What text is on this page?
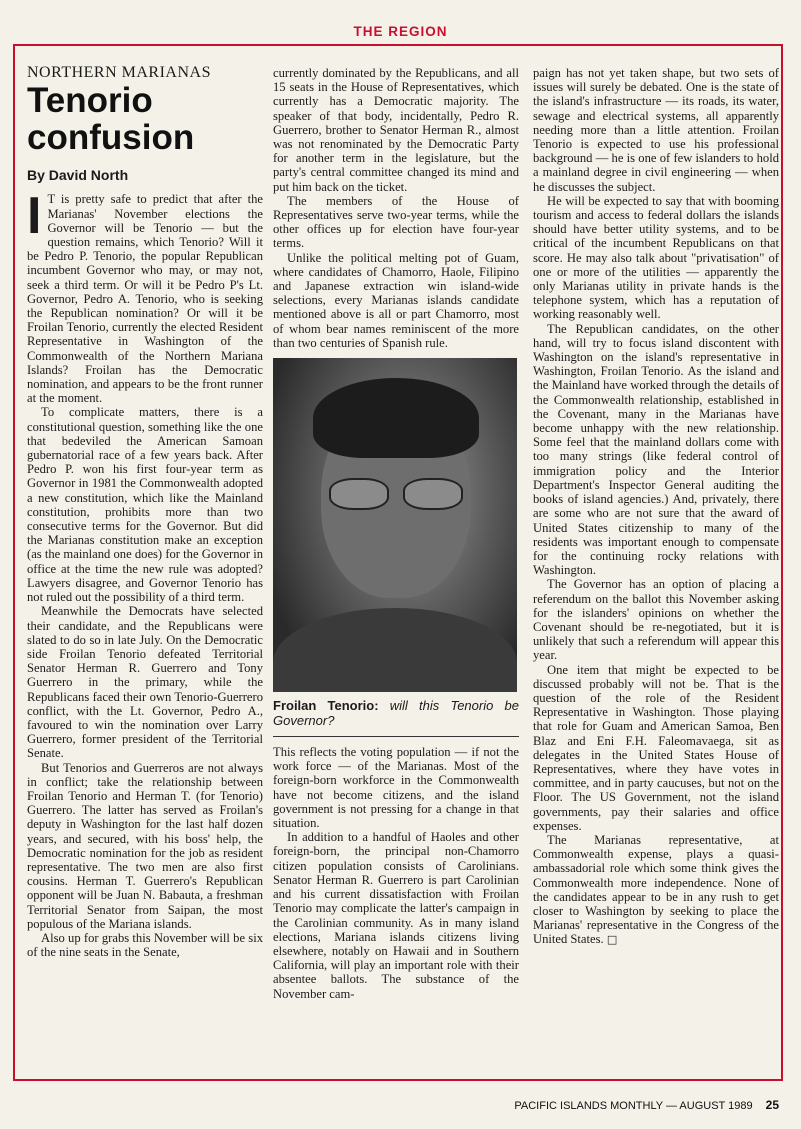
THE REGION
NORTHERN MARIANAS
Tenorio confusion
By David North

I T is pretty safe to predict that after the Marianas' November elections the Governor will be Tenorio — but the question remains, which Tenorio? Will it be Pedro P. Tenorio, the popular Republican incumbent Governor who may, or may not, seek a third term. Or will it be Pedro P's Lt. Governor, Pedro A. Tenorio, who is seeking the Republican nomination? Or will it be Froilan Tenorio, currently the elected Resident Representative in Washington of the Commonwealth of the Northern Mariana Islands? Froilan has the Democratic nomination, and appears to be the front runner at the moment.

To complicate matters, there is a constitutional question, something like the one that bedeviled the American Samoan gubernatorial race of a few years back. After Pedro P. won his first four-year term as Governor in 1981 the Commonwealth adopted a new constitution, which like the Mainland constitution, prohibits more than two consecutive terms for the Governor. But did the Marianas constitution make an exception (as the mainland one does) for the Governor in office at the time the new rule was adopted? Lawyers disagree, and Governor Tenorio has not ruled out the possibility of a third term.

Meanwhile the Democrats have selected their candidate, and the Republicans were slated to do so in late July. On the Democratic side Froilan Tenorio defeated Territorial Senator Herman R. Guerrero and Tony Guerrero in the primary, while the Republicans faced their own Tenorio-Guerrero conflict, with the Lt. Governor, Pedro A., favoured to win the nomination over Larry Guerrero, former president of the Territorial Senate.

But Tenorios and Guerreros are not always in conflict; take the relationship between Froilan Tenorio and Herman T. (for Tenorio) Guerrero. The latter has served as Froilan's deputy in Washington for the last half dozen years, and secured, with his boss' help, the Democratic nomination for the job as resident representative. The two men are also first cousins. Herman T. Guerrero's Republican opponent will be Juan N. Babauta, a freshman Territorial Senator from Saipan, the most populous of the Mariana islands.

Also up for grabs this November will be six of the nine seats in the Senate,

currently dominated by the Republicans, and all 15 seats in the House of Representatives, which currently has a Democratic majority. The speaker of that body, incidentally, Pedro R. Guerrero, brother to Senator Herman R., almost was not renominated by the Democratic Party for another term in the legislature, but the party's central committee changed its mind and put him back on the ticket.

The members of the House of Representatives serve two-year terms, while the other offices up for election have four-year terms.

Unlike the political melting pot of Guam, where candidates of Chamorro, Haole, Filipino and Japanese extraction win island-wide selections, every Marianas islands candidate mentioned above is all or part Chamorro, most of whom bear names reminiscent of the more than two centuries of Spanish rule.

Froilan Tenorio: will this Tenorio be Governor?

This reflects the voting population — if not the work force — of the Marianas. Most of the foreign-born workforce in the Commonwealth have not become citizens, and the island government is not pressing for a change in that situation.

In addition to a handful of Haoles and other foreign-born, the principal non-Chamorro citizen population consists of Carolinians. Senator Herman R. Guerrero is part Carolinian and his current dissatisfaction with Froilan Tenorio may complicate the latter's campaign in the Carolinian community. As in many island elections, Mariana islands citizens living elsewhere, notably on Hawaii and in Southern California, will play an important role with their absentee ballots. The substance of the November cam-

paign has not yet taken shape, but two sets of issues will surely be debated. One is the state of the island's infrastructure — its roads, its water, sewage and electrical systems, all apparently needing more than a little attention. Froilan Tenorio is expected to use his professional background — he is one of few islanders to hold a mainland degree in civil engineering — when he discusses the subject.

He will be expected to say that with booming tourism and access to federal dollars the islands should have better utility systems, and to be critical of the incumbent Republicans on that score. He may also talk about "privatisation" of one or more of the utilities — apparently the only Marianas utility in private hands is the telephone system, which has a reputation of working reasonably well.

The Republican candidates, on the other hand, will try to focus island discontent with Washington on the island's representative in Washington, Froilan Tenorio. As the island and the Mainland have worked through the details of the Commonwealth relationship, established in the Covenant, many in the Marianas have become unhappy with the new relationship. Some feel that the mainland dollars come with too many strings (like federal control of immigration policy and the Interior Department's Inspector General auditing the books of island agencies.) And, privately, there are some who are not sure that the award of United States citizenship to many of the residents was important enough to compensate for the continuing rocky relations with Washington.

The Governor has an option of placing a referendum on the ballot this November asking for the islanders' opinions on whether the Covenant should be re-negotiated, but it is unlikely that such a referendum will appear this year.

One item that might be expected to be discussed probably will not be. That is the question of the role of the Resident Representative in Washington. Those playing that role for Guam and American Samoa, Ben Blaz and Eni F.H. Faleomavaega, sit as delegates in the United States House of Representatives, where they have votes in committee, and in party caucuses, but not on the Floor. The US Government, not the island governments, pay their salaries and office expenses.

The Marianas representative, at Commonwealth expense, plays a quasi-ambassadorial role which some think gives the Commonwealth more independence. None of the candidates appear to be in any rush to get closer to Washington by seeking to place the Marianas' representative in the Congress of the United States. □

PACIFIC ISLANDS MONTHLY — AUGUST 1989 25
